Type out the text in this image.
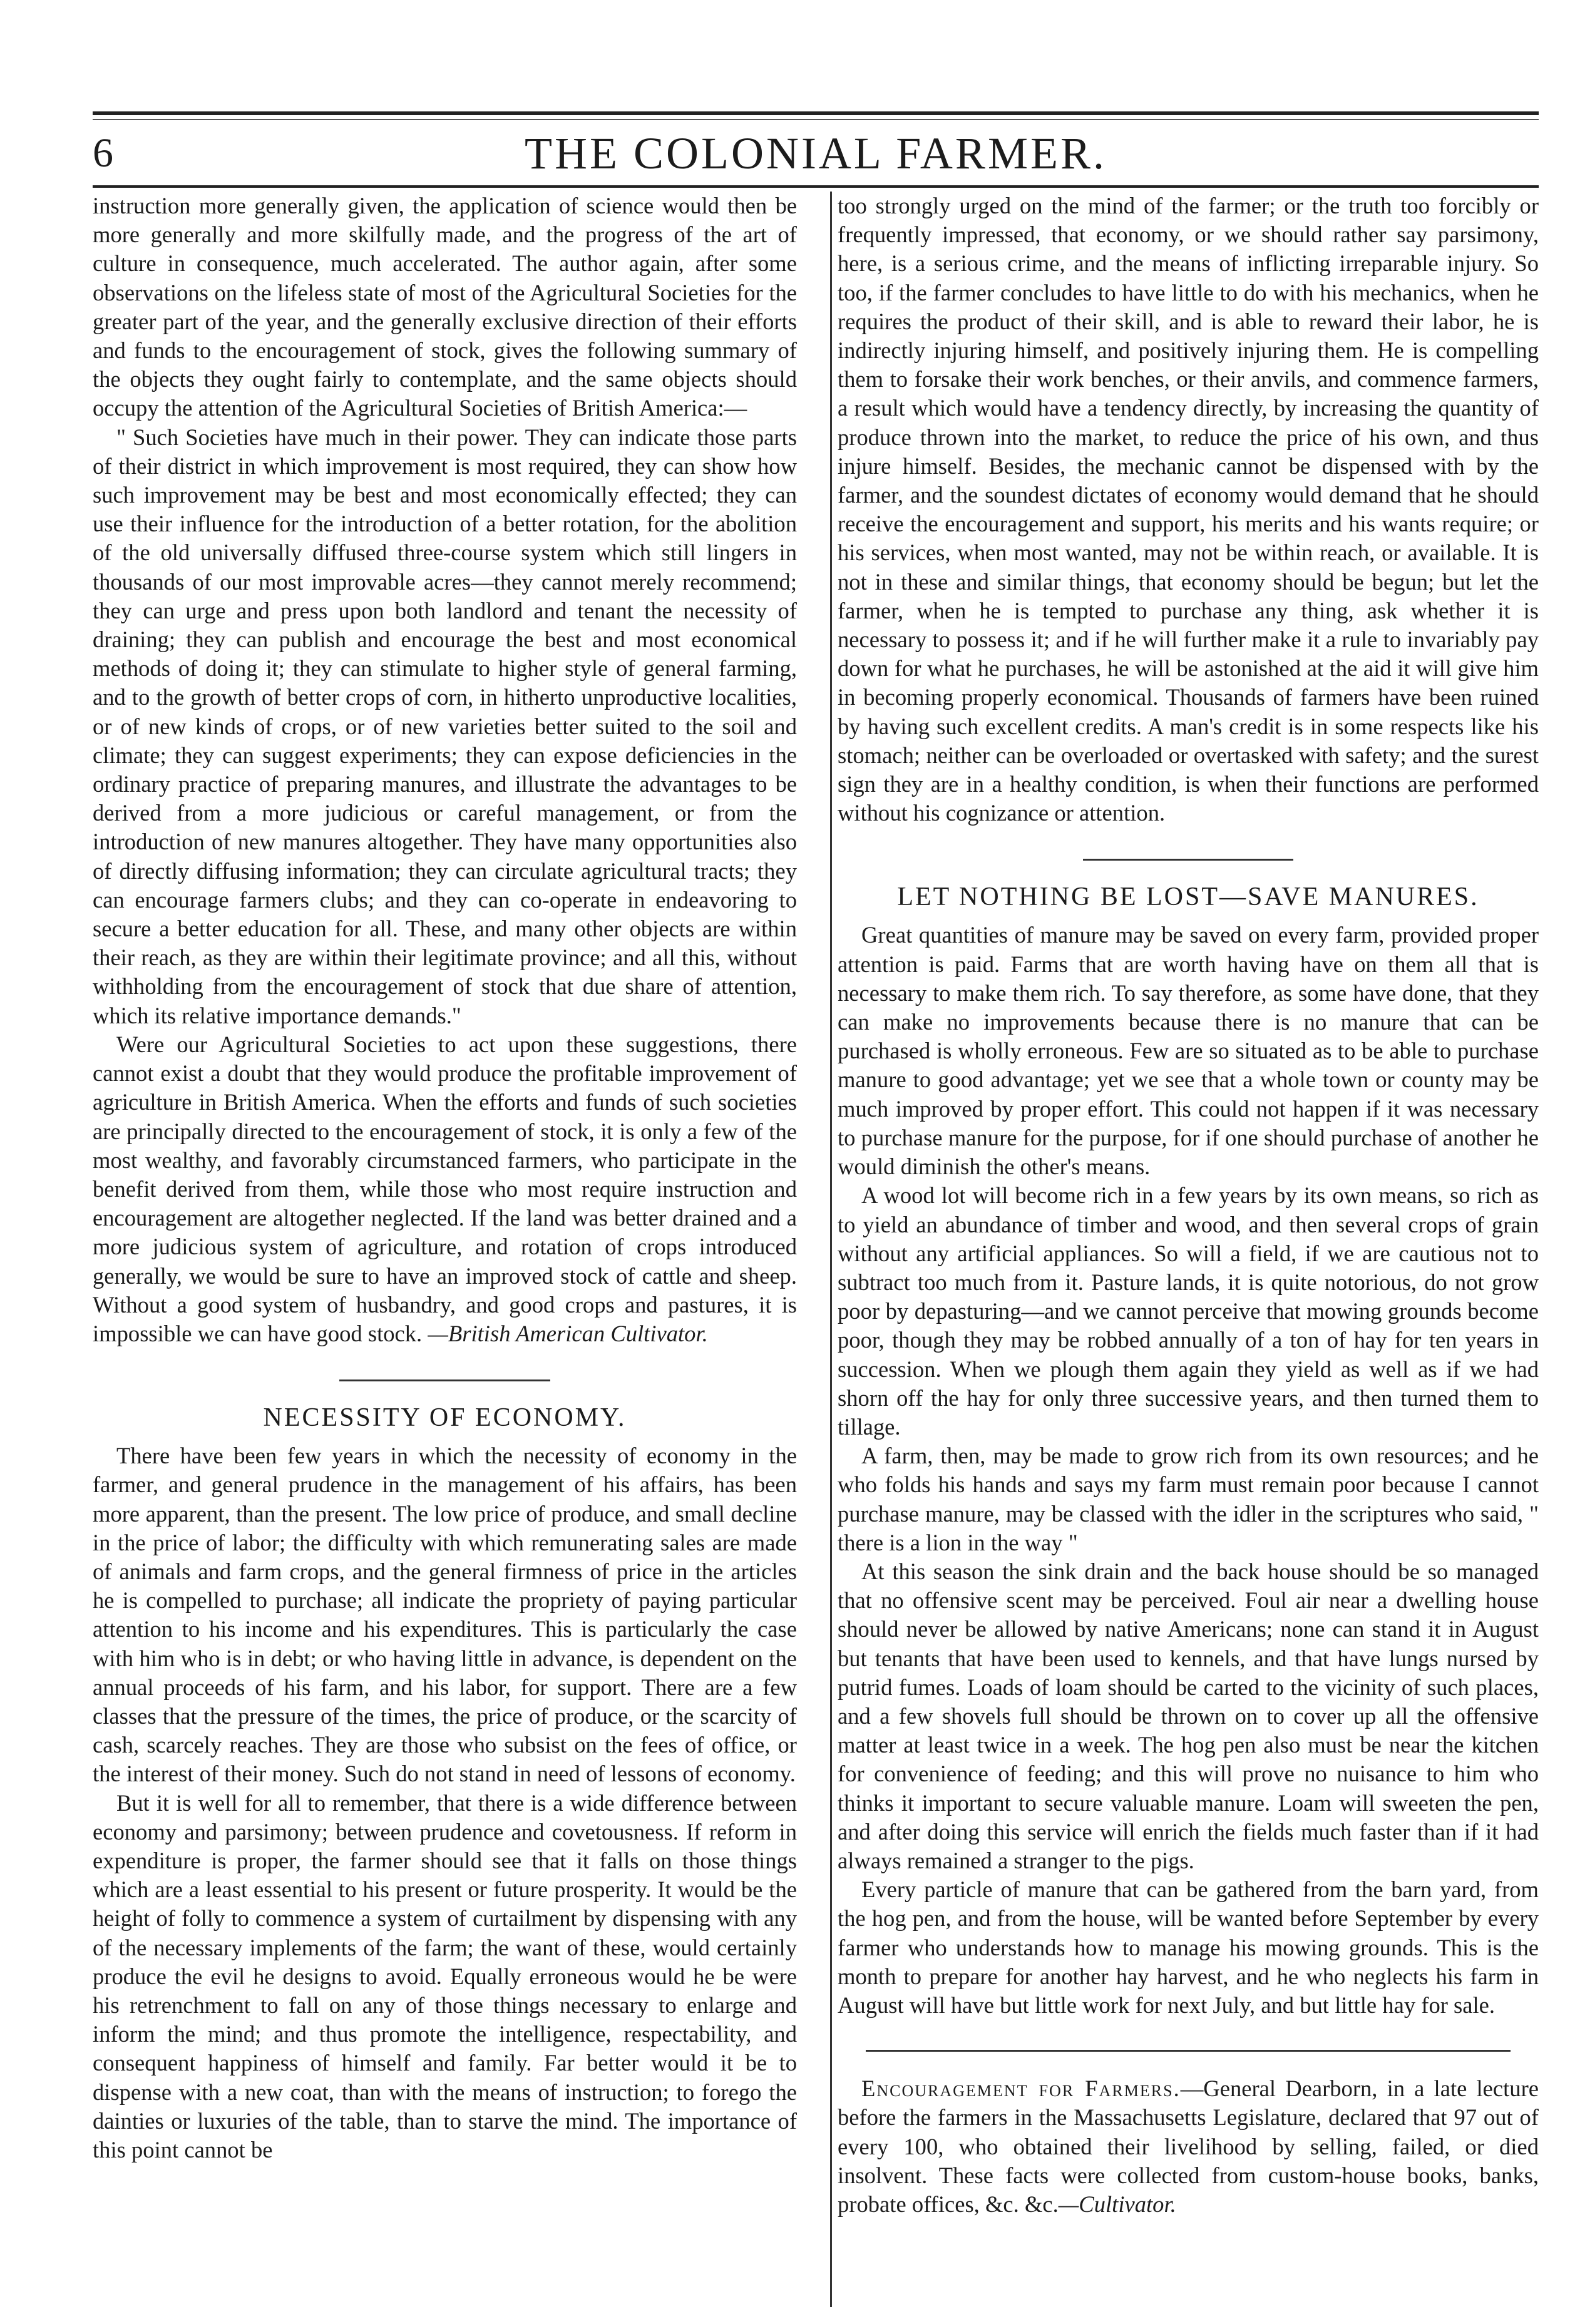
6	THE COLONIAL FARMER.

instruction more generally given, the application of science would then be more generally and more skilfully made, and the progress of the art of culture in consequence, much accelerated. The author again, after some observations on the lifeless state of most of the Agricultural Societies for the greater part of the year, and the generally exclusive direction of their efforts and funds to the encouragement of stock, gives the following summary of the objects they ought fairly to contemplate, and the same objects should occupy the attention of the Agricultural Societies of British America:—

" Such Societies have much in their power. They can indicate those parts of their district in which improvement is most required, they can show how such improvement may be best and most economically effected; they can use their influence for the introduction of a better rotation, for the abolition of the old universally diffused three-course system which still lingers in thousands of our most improvable acres—they cannot merely recommend; they can urge and press upon both landlord and tenant the necessity of draining; they can publish and encourage the best and most economical methods of doing it; they can stimulate to higher style of general farming, and to the growth of better crops of corn, in hitherto unproductive localities, or of new kinds of crops, or of new varieties better suited to the soil and climate; they can suggest experiments; they can expose deficiencies in the ordinary practice of preparing manures, and illustrate the advantages to be derived from a more judicious or careful management, or from the introduction of new manures altogether. They have many opportunities also of directly diffusing information; they can circulate agricultural tracts; they can encourage farmers clubs; and they can co-operate in endeavoring to secure a better education for all. These, and many other objects are within their reach, as they are within their legitimate province; and all this, without withholding from the encouragement of stock that due share of attention, which its relative importance demands."

Were our Agricultural Societies to act upon these suggestions, there cannot exist a doubt that they would produce the profitable improvement of agriculture in British America. When the efforts and funds of such societies are principally directed to the encouragement of stock, it is only a few of the most wealthy, and favorably circumstanced farmers, who participate in the benefit derived from them, while those who most require instruction and encouragement are altogether neglected. If the land was better drained and a more judicious system of agriculture, and rotation of crops introduced generally, we would be sure to have an improved stock of cattle and sheep. Without a good system of husbandry, and good crops and pastures, it is impossible we can have good stock. —British American Cultivator.

NECESSITY OF ECONOMY.

There have been few years in which the necessity of economy in the farmer, and general prudence in the management of his affairs, has been more apparent, than the present. The low price of produce, and small decline in the price of labor; the difficulty with which remunerating sales are made of animals and farm crops, and the general firmness of price in the articles he is compelled to purchase; all indicate the propriety of paying particular attention to his income and his expenditures. This is particularly the case with him who is in debt; or who having little in advance, is dependent on the annual proceeds of his farm, and his labor, for support. There are a few classes that the pressure of the times, the price of produce, or the scarcity of cash, scarcely reaches. They are those who subsist on the fees of office, or the interest of their money. Such do not stand in need of lessons of economy.

But it is well for all to remember, that there is a wide difference between economy and parsimony; between prudence and covetousness. If reform in expenditure is proper, the farmer should see that it falls on those things which are a least essential to his present or future prosperity. It would be the height of folly to commence a system of curtailment by dispensing with any of the necessary implements of the farm; the want of these, would certainly produce the evil he designs to avoid. Equally erroneous would he be were his retrenchment to fall on any of those things necessary to enlarge and inform the mind; and thus promote the intelligence, respectability, and consequent happiness of himself and family. Far better would it be to dispense with a new coat, than with the means of instruction; to forego the dainties or luxuries of the table, than to starve the mind. The importance of this point cannot be

too strongly urged on the mind of the farmer; or the truth too forcibly or frequently impressed, that economy, or we should rather say parsimony, here, is a serious crime, and the means of inflicting irreparable injury. So too, if the farmer concludes to have little to do with his mechanics, when he requires the product of their skill, and is able to reward their labor, he is indirectly injuring himself, and positively injuring them. He is compelling them to forsake their work benches, or their anvils, and commence farmers, a result which would have a tendency directly, by increasing the quantity of produce thrown into the market, to reduce the price of his own, and thus injure himself. Besides, the mechanic cannot be dispensed with by the farmer, and the soundest dictates of economy would demand that he should receive the encouragement and support, his merits and his wants require; or his services, when most wanted, may not be within reach, or available. It is not in these and similar things, that economy should be begun; but let the farmer, when he is tempted to purchase any thing, ask whether it is necessary to possess it; and if he will further make it a rule to invariably pay down for what he purchases, he will be astonished at the aid it will give him in becoming properly economical. Thousands of farmers have been ruined by having such excellent credits. A man's credit is in some respects like his stomach; neither can be overloaded or overtasked with safety; and the surest sign they are in a healthy condition, is when their functions are performed without his cognizance or attention.

LET NOTHING BE LOST—SAVE MANURES.

Great quantities of manure may be saved on every farm, provided proper attention is paid. Farms that are worth having have on them all that is necessary to make them rich. To say therefore, as some have done, that they can make no improvements because there is no manure that can be purchased is wholly erroneous. Few are so situated as to be able to purchase manure to good advantage; yet we see that a whole town or county may be much improved by proper effort. This could not happen if it was necessary to purchase manure for the purpose, for if one should purchase of another he would diminish the other's means.

A wood lot will become rich in a few years by its own means, so rich as to yield an abundance of timber and wood, and then several crops of grain without any artificial appliances. So will a field, if we are cautious not to subtract too much from it. Pasture lands, it is quite notorious, do not grow poor by depasturing—and we cannot perceive that mowing grounds become poor, though they may be robbed annually of a ton of hay for ten years in succession. When we plough them again they yield as well as if we had shorn off the hay for only three successive years, and then turned them to tillage.

A farm, then, may be made to grow rich from its own resources; and he who folds his hands and says my farm must remain poor because I cannot purchase manure, may be classed with the idler in the scriptures who said, " there is a lion in the way "

At this season the sink drain and the back house should be so managed that no offensive scent may be perceived. Foul air near a dwelling house should never be allowed by native Americans; none can stand it in August but tenants that have been used to kennels, and that have lungs nursed by putrid fumes. Loads of loam should be carted to the vicinity of such places, and a few shovels full should be thrown on to cover up all the offensive matter at least twice in a week. The hog pen also must be near the kitchen for convenience of feeding; and this will prove no nuisance to him who thinks it important to secure valuable manure. Loam will sweeten the pen, and after doing this service will enrich the fields much faster than if it had always remained a stranger to the pigs.

Every particle of manure that can be gathered from the barn yard, from the hog pen, and from the house, will be wanted before September by every farmer who understands how to manage his mowing grounds. This is the month to prepare for another hay harvest, and he who neglects his farm in August will have but little work for next July, and but little hay for sale.

Encouragement for Farmers.—General Dearborn, in a late lecture before the farmers in the Massachusetts Legislature, declared that 97 out of every 100, who obtained their livelihood by selling, failed, or died insolvent. These facts were collected from custom-house books, banks, probate offices, &c. &c.—Cultivator.
